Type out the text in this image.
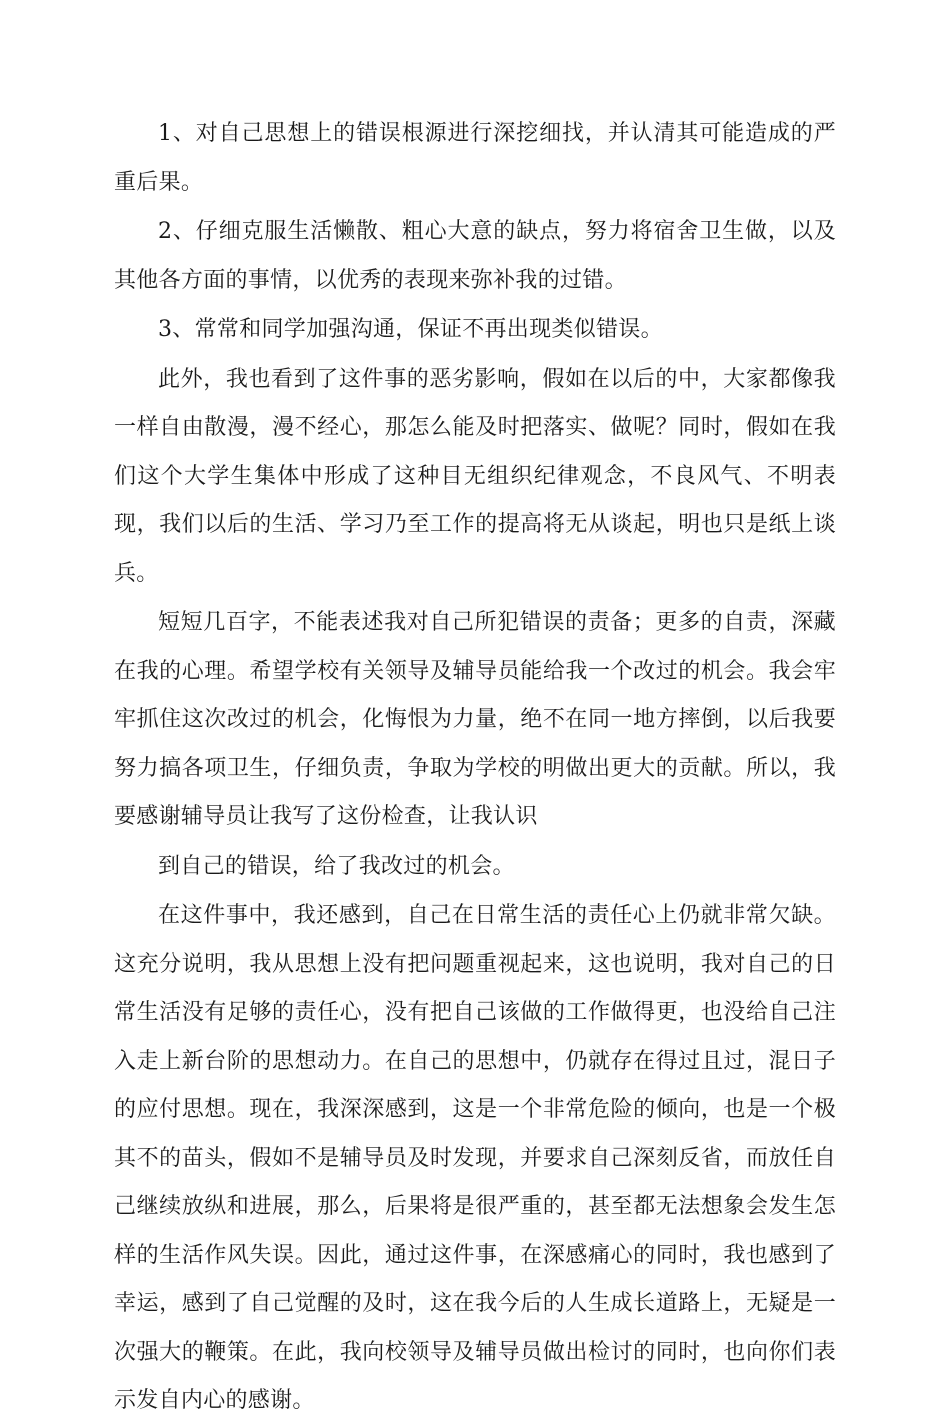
1、对自己思想上的错误根源进行深挖细找，并认清其可能造成的严重后果。

2、仔细克服生活懒散、粗心大意的缺点，努力将宿舍卫生做，以及其他各方面的事情，以优秀的表现来弥补我的过错。

3、常常和同学加强沟通，保证不再出现类似错误。

此外，我也看到了这件事的恶劣影响，假如在以后的中，大家都像我一样自由散漫，漫不经心，那怎么能及时把落实、做呢？同时，假如在我们这个大学生集体中形成了这种目无组织纪律观念，不良风气、不明表现，我们以后的生活、学习乃至工作的提高将无从谈起，明也只是纸上谈兵。

短短几百字，不能表述我对自己所犯错误的责备；更多的自责，深藏在我的心理。希望学校有关领导及辅导员能给我一个改过的机会。我会牢牢抓住这次改过的机会，化悔恨为力量，绝不在同一地方摔倒，以后我要努力搞各项卫生，仔细负责，争取为学校的明做出更大的贡献。所以，我要感谢辅导员让我写了这份检查，让我认识

到自己的错误，给了我改过的机会。

在这件事中，我还感到，自己在日常生活的责任心上仍就非常欠缺。这充分说明，我从思想上没有把问题重视起来，这也说明，我对自己的日常生活没有足够的责任心，没有把自己该做的工作做得更，也没给自己注入走上新台阶的思想动力。在自己的思想中，仍就存在得过且过，混日子的应付思想。现在，我深深感到，这是一个非常危险的倾向，也是一个极其不的苗头，假如不是辅导员及时发现，并要求自己深刻反省，而放任自己继续放纵和进展，那么，后果将是很严重的，甚至都无法想象会发生怎样的生活作风失误。因此，通过这件事，在深感痛心的同时，我也感到了幸运，感到了自己觉醒的及时，这在我今后的人生成长道路上，无疑是一次强大的鞭策。在此，我向校领导及辅导员做出检讨的同时，也向你们表示发自内心的感谢。
